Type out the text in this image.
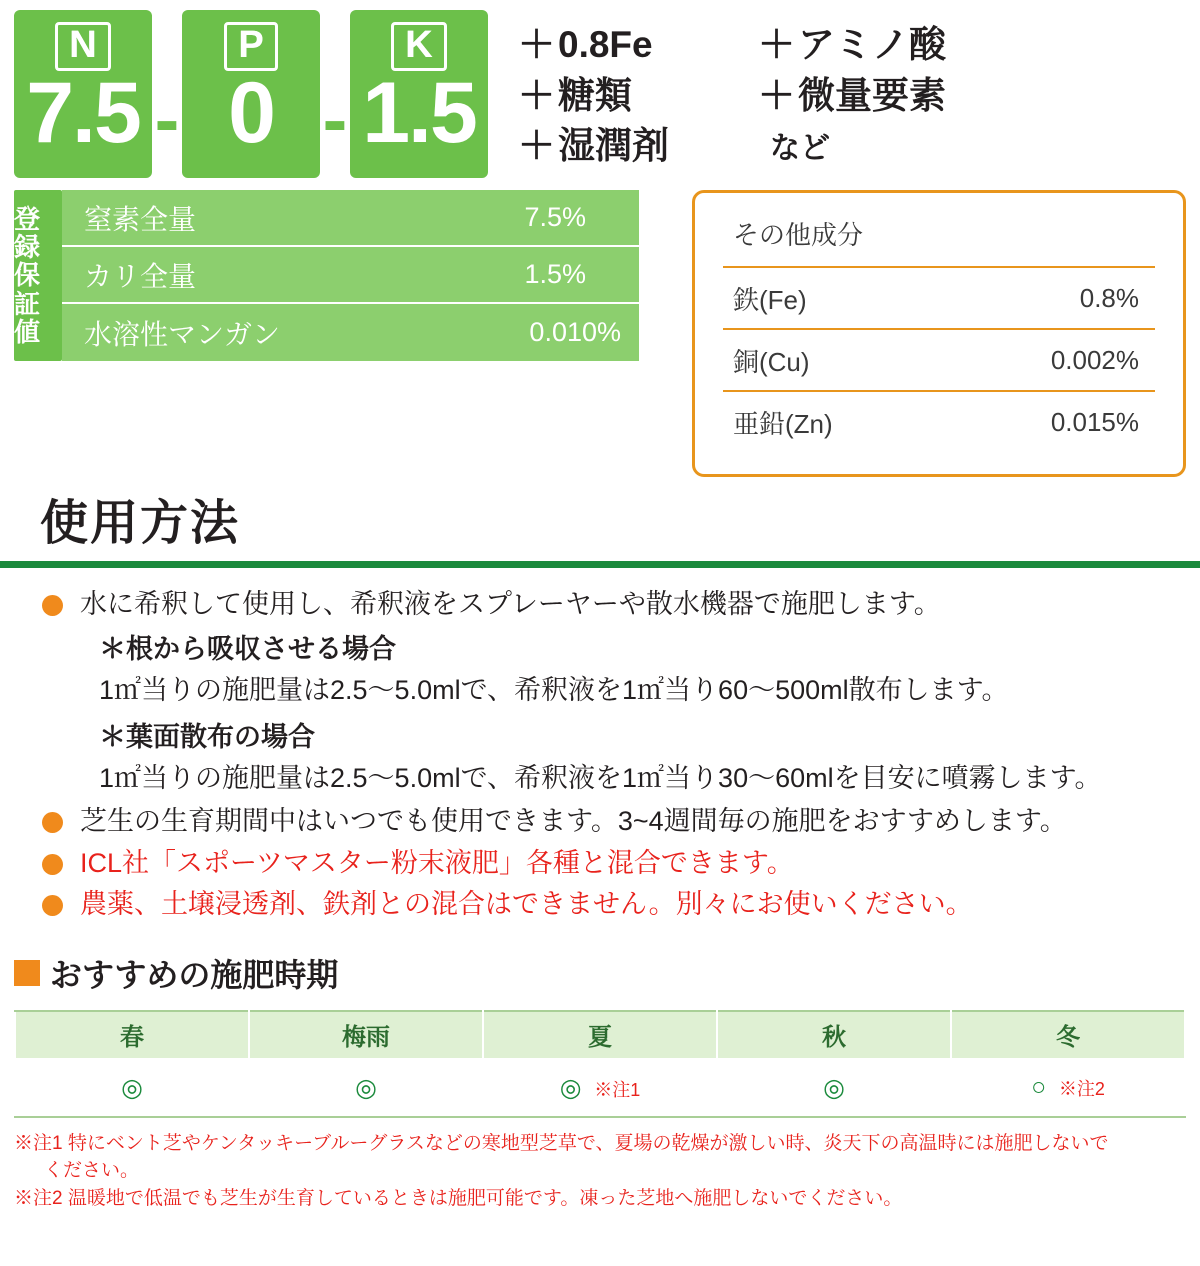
N
7.5 -
P
0 -
K
1.5
＋0.8Fe	＋アミノ酸
＋糖類	＋微量要素
＋湿潤剤	など
登録保証値
窒素全量	7.5%
カリ全量	1.5%
水溶性マンガン	0.010%
その他成分
鉄(Fe)	0.8%
銅(Cu)	0.002%
亜鉛(Zn)	0.015%
使用方法
水に希釈して使用し、希釈液をスプレーヤーや散水機器で施肥します。
＊根から吸収させる場合
1㎡当りの施肥量は2.5〜5.0mlで、希釈液を1㎡当り60〜500ml散布します。
＊葉面散布の場合
1㎡当りの施肥量は2.5〜5.0mlで、希釈液を1㎡当り30〜60mlを目安に噴霧します。
芝生の生育期間中はいつでも使用できます。3~4週間毎の施肥をおすすめします。
ICL社「スポーツマスター粉末液肥」各種と混合できます。
農薬、土壌浸透剤、鉄剤との混合はできません。別々にお使いください。
おすすめの施肥時期
春	梅雨	夏	秋	冬
◎	◎	◎ ※注1	◎	○ ※注2
※注1 特にベント芝やケンタッキーブルーグラスなどの寒地型芝草で、夏場の乾燥が激しい時、炎天下の高温時には施肥しないで
ください。
※注2 温暖地で低温でも芝生が生育しているときは施肥可能です。凍った芝地へ施肥しないでください。
